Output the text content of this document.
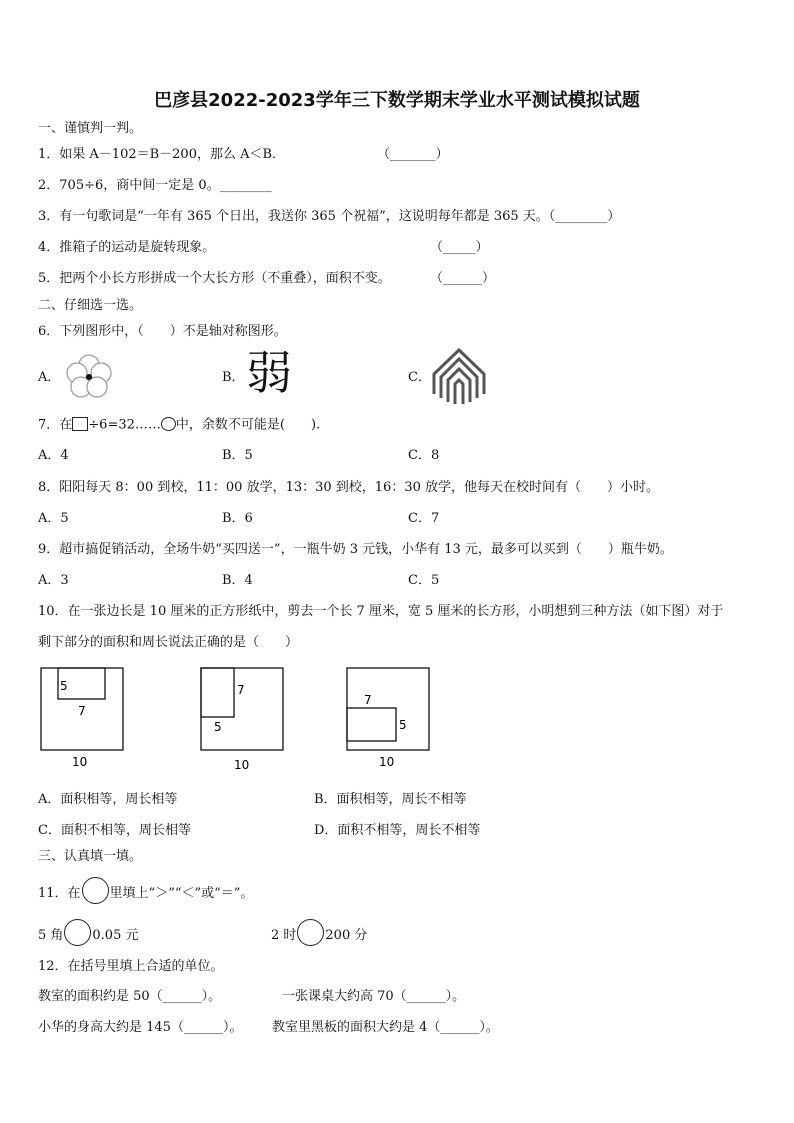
巴彦县2022-2023学年三下数学期末学业水平测试模拟试题
一、谨慎判一判。
1．如果 A－102＝B－200，那么 A＜B．	（_______）
2．705÷6，商中间一定是 0。________
3．有一句歌词是“一年有 365 个日出，我送你 365 个祝福”，这说明每年都是 365 天。（________）
4．推箱子的运动是旋转现象。	（_____）
5．把两个小长方形拼成一个大长方形（不重叠），面积不变。	（______）
二、仔细选一选。
6．下列图形中，（　　）不是轴对称图形。
A．	B． 弱	C．
7．在 ÷6=32…… 中，余数不可能是(　　).
A．4	B．5	C．8
8．阳阳每天 8：00 到校，11：00 放学，13：30 到校，16：30 放学，他每天在校时间有（　　）小时。
A．5	B．6	C．7
9．超市搞促销活动，全场牛奶“买四送一”，一瓶牛奶 3 元钱，小华有 13 元，最多可以买到（　　）瓶牛奶。
A．3	B．4	C．5
10．在一张边长是 10 厘米的正方形纸中，剪去一个长 7 厘米，宽 5 厘米的长方形，小明想到三种方法（如下图）对于
剩下部分的面积和周长说法正确的是（　　）
5
7
10
7
5
10
7
5
10
A．面积相等，周长相等	B．面积相等，周长不相等
C．面积不相等，周长相等	D．面积不相等，周长不相等
三、认真填一填。
11．在 里填上“＞”“＜”或“＝”。
5 角 0.05 元	2 时 200 分
12．在括号里填上合适的单位。
教室的面积约是 50（______）。	一张课桌大约高 70（______）。
小华的身高大约是 145（______）。 教室里黑板的面积大约是 4（______）。
